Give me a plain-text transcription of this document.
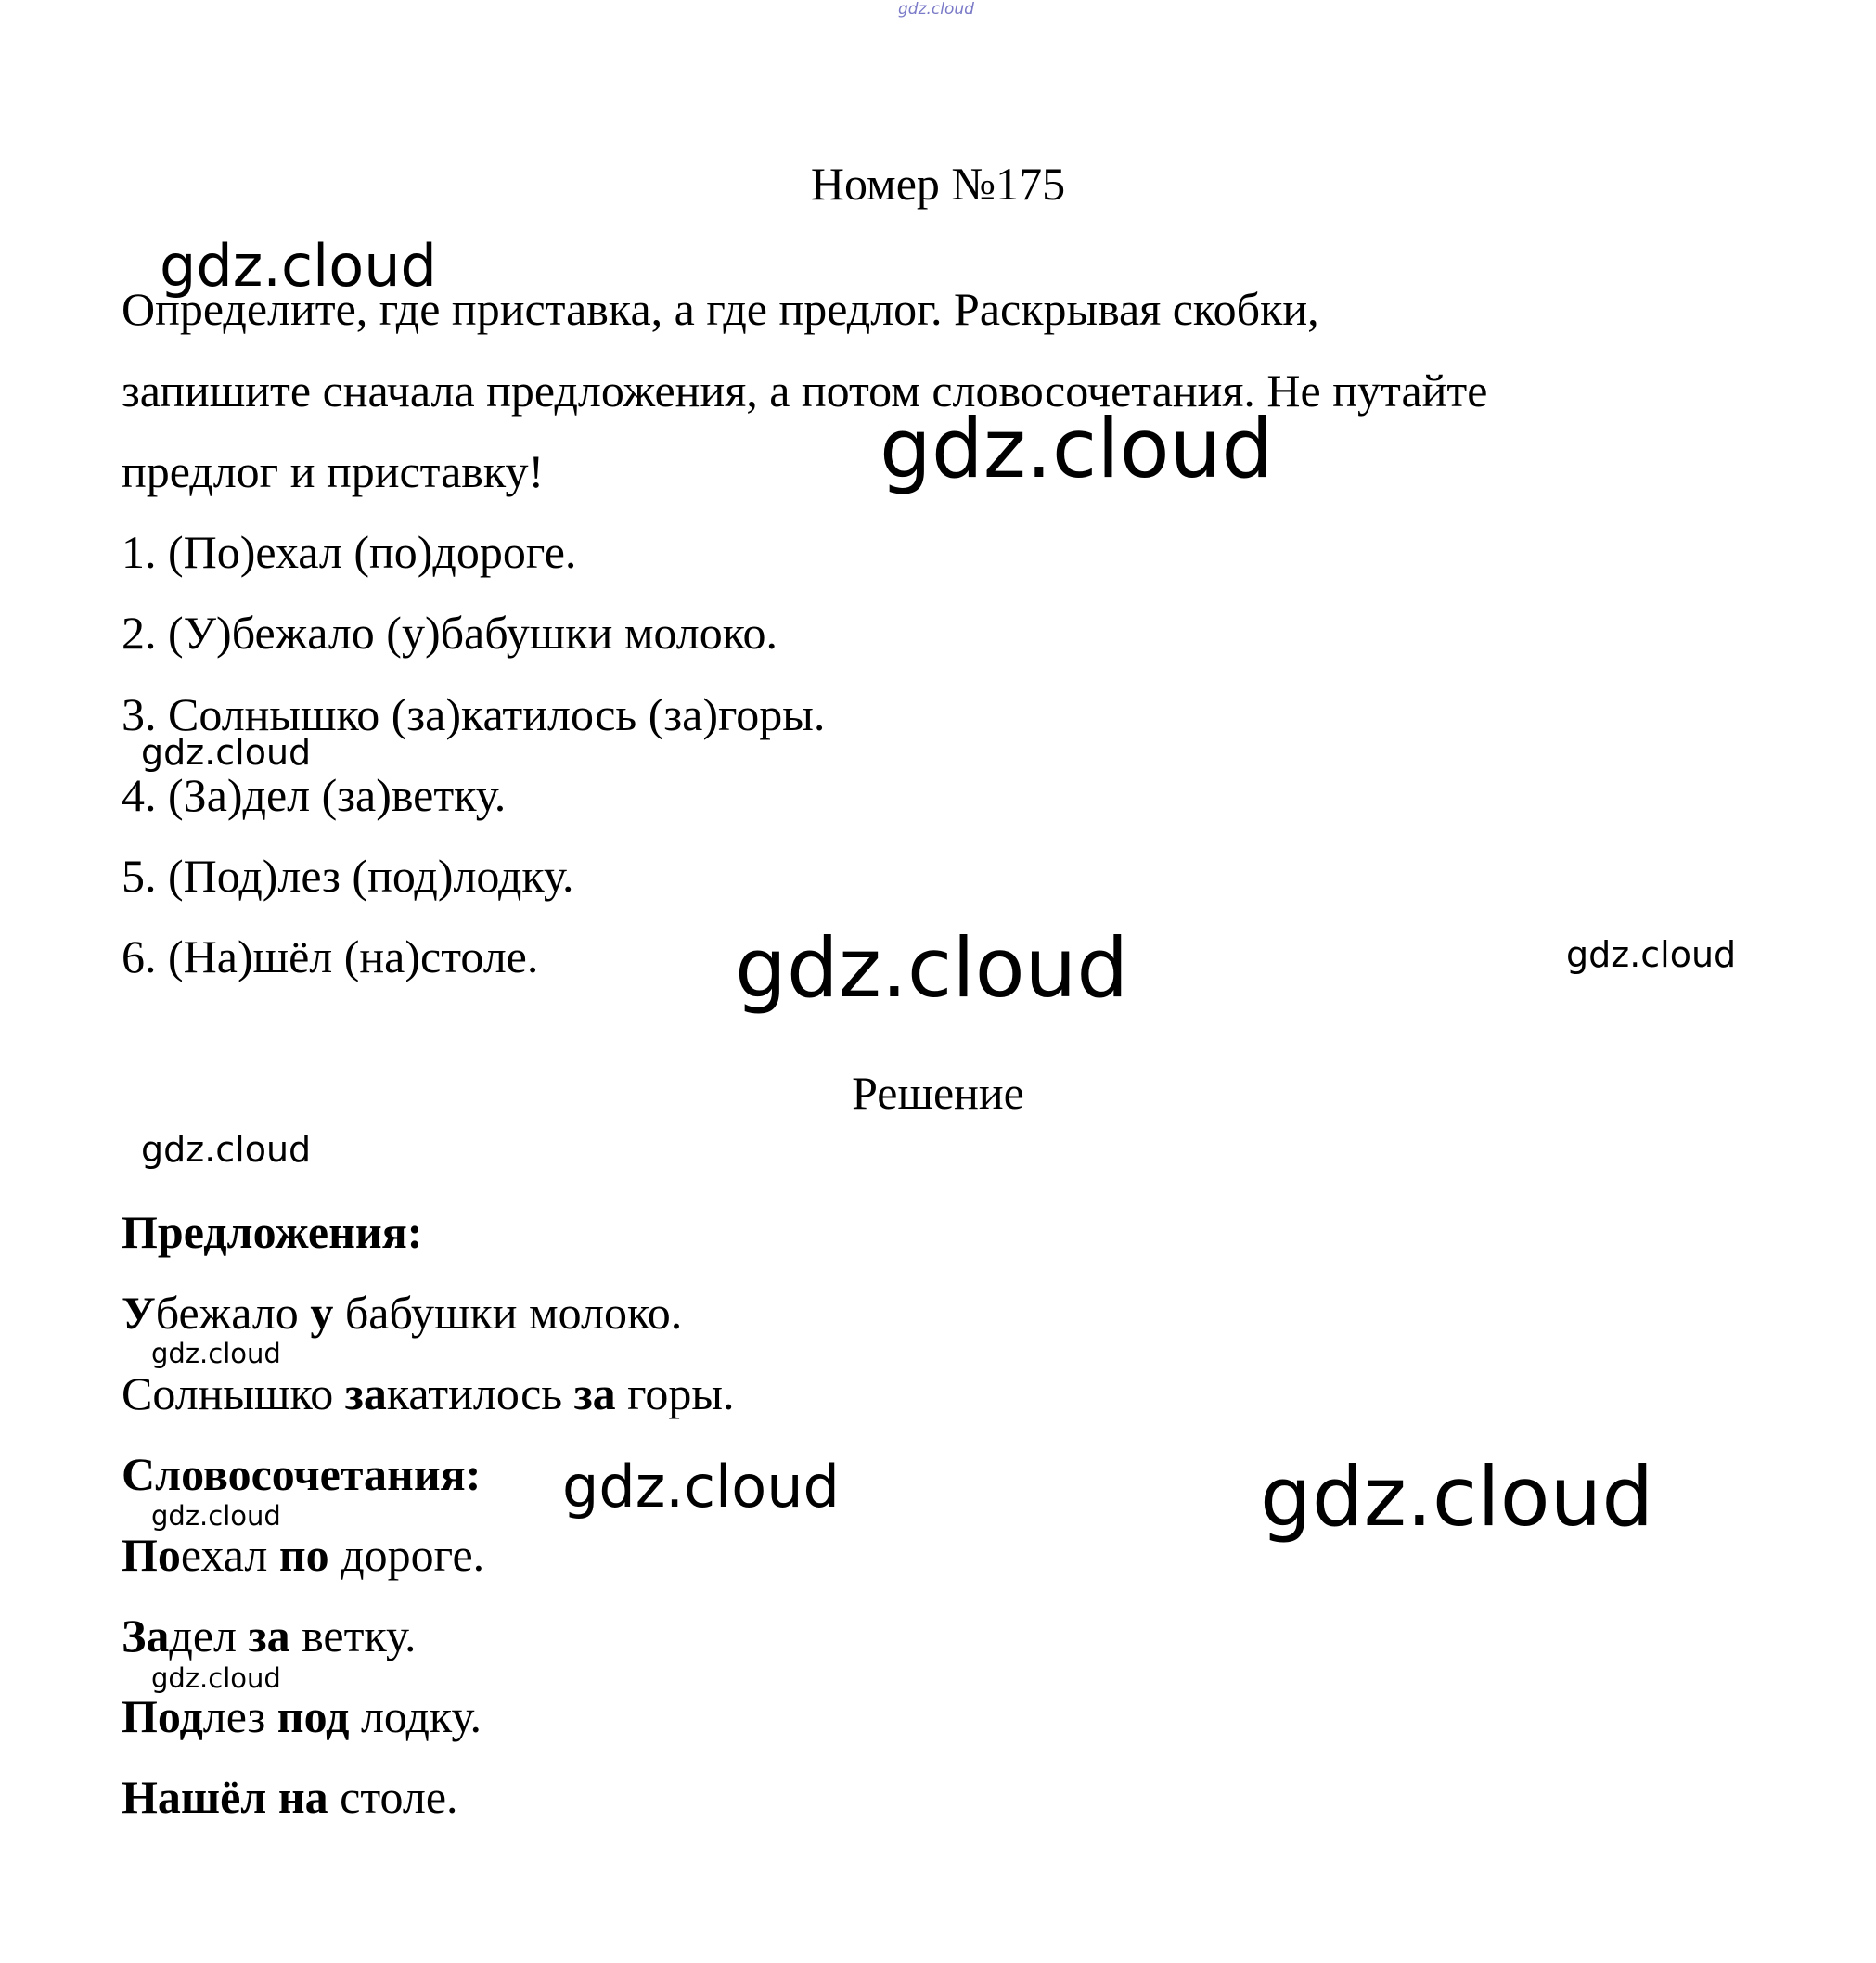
Номер №175
Определите, где приставка, а где предлог. Раскрывая скобки,
запишите сначала предложения, а потом словосочетания. Не путайте
предлог и приставку!
1. (По)ехал (по)дороге.
2. (У)бежало (у)бабушки молоко.
3. Солнышко (за)катилось (за)горы.
4. (За)дел (за)ветку.
5. (Под)лез (под)лодку.
6. (На)шёл (на)столе.
Решение
Предложения:
Убежало у бабушки молоко.
Солнышко закатилось за горы.
Словосочетания:
Поехал по дороге.
Задел за ветку.
Подлез под лодку.
Нашёл на столе.
gdz.cloud
gdz.cloud
gdz.cloud
gdz.cloud
gdz.cloud	gdz.cloud
gdz.cloud
gdz.cloud
gdz.cloud	gdz.cloud
gdz.cloud
gdz.cloud
